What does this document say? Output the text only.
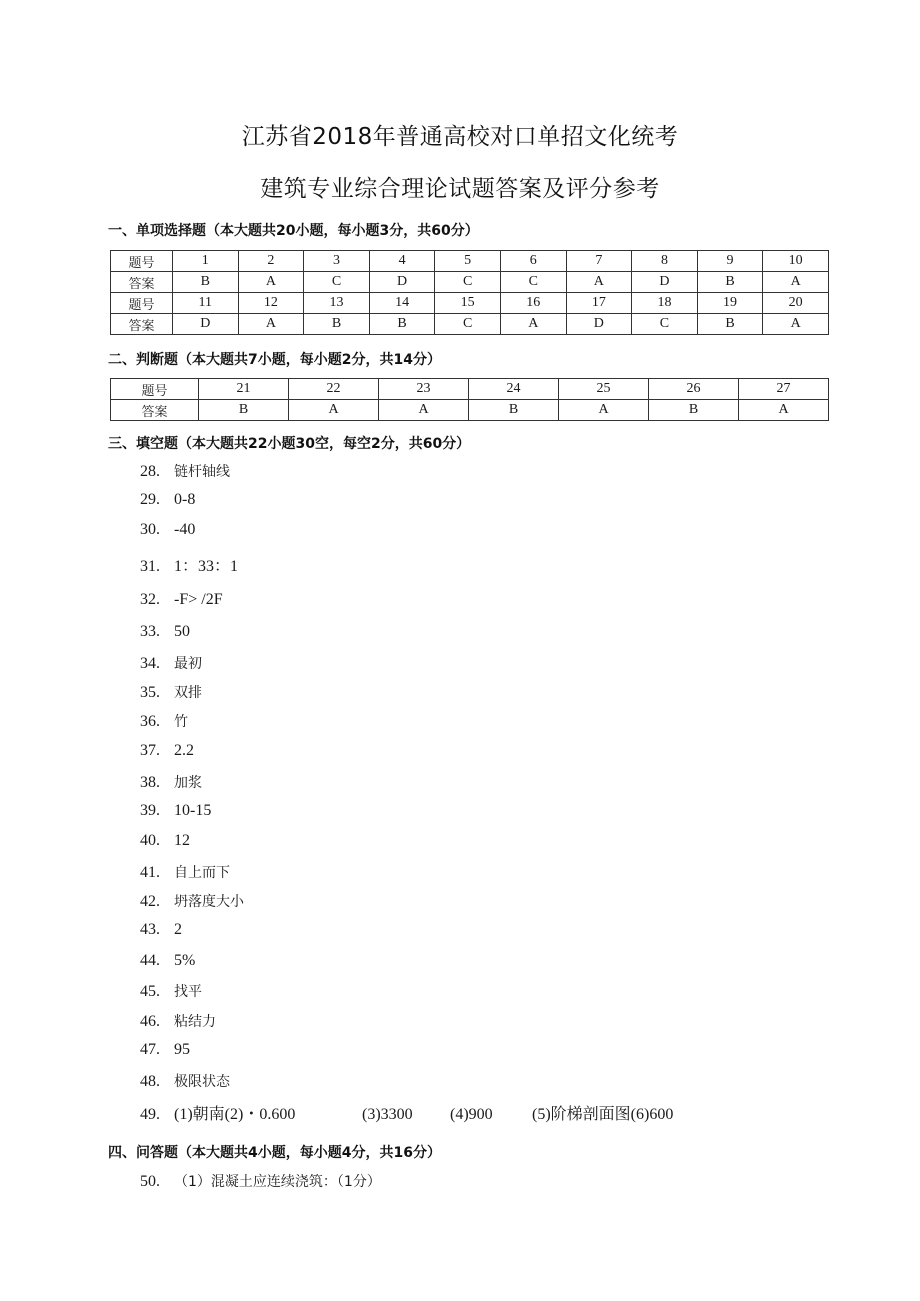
江苏省2018年普通高校对口单招文化统考
建筑专业综合理论试题答案及评分参考
一、单项选择题（本大题共20小题，每小题3分，共60分）
题号	1	2	3	4	5	6	7	8	9	10
答案	B	A	C	D	C	C	A	D	B	A
题号	11	12	13	14	15	16	17	18	19	20
答案	D	A	B	B	C	A	D	C	B	A
二、判断题（本大题共7小题，每小题2分，共14分）
题号	21	22	23	24	25	26	27
答案	B	A	A	B	A	B	A
三、填空题（本大题共22小题30空，每空2分，共60分）
28. 链杆轴线
29. 0-8
30. -40
31. 1：33：1
32. -F> /2F
33. 50
34. 最初
35. 双排
36. 竹
37. 2.2
38. 加浆
39. 10-15
40. 12
41. 自上而下
42. 坍落度大小
43. 2
44. 5%
45. 找平
46. 粘结力
47. 95
48. 极限状态
49. (1)朝南(2)・0.600	(3)3300 (4)900 (5)阶梯剖面图(6)600
四、问答题（本大题共4小题，每小题4分，共16分）
50. （1）混凝土应连续浇筑：（1分）
